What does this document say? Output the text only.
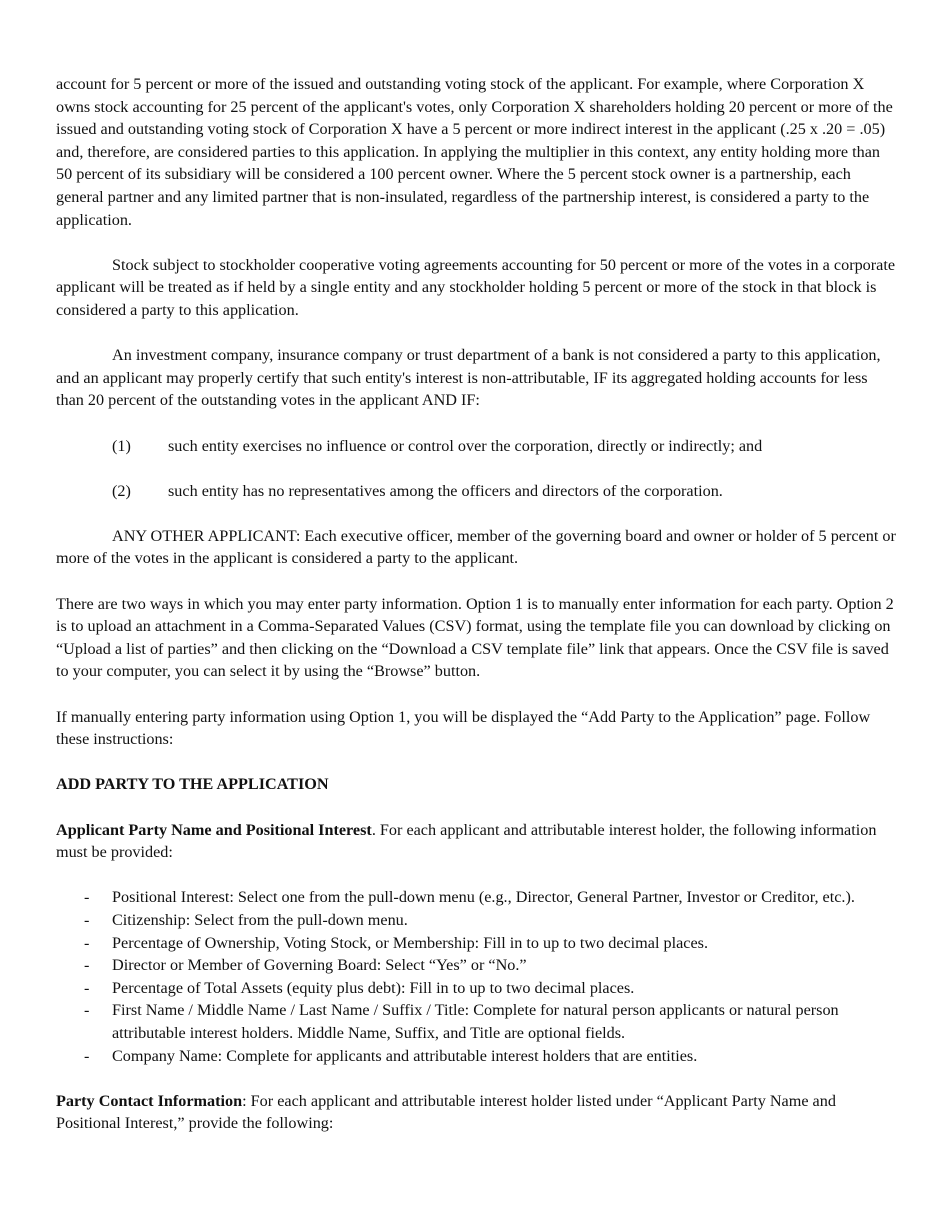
account for 5 percent or more of the issued and outstanding voting stock of the applicant. For example, where Corporation X owns stock accounting for 25 percent of the applicant's votes, only Corporation X shareholders holding 20 percent or more of the issued and outstanding voting stock of Corporation X have a 5 percent or more indirect interest in the applicant (.25 x .20 = .05) and, therefore, are considered parties to this application. In applying the multiplier in this context, any entity holding more than 50 percent of its subsidiary will be considered a 100 percent owner. Where the 5 percent stock owner is a partnership, each general partner and any limited partner that is non-insulated, regardless of the partnership interest, is considered a party to the application.

Stock subject to stockholder cooperative voting agreements accounting for 50 percent or more of the votes in a corporate applicant will be treated as if held by a single entity and any stockholder holding 5 percent or more of the stock in that block is considered a party to this application.

An investment company, insurance company or trust department of a bank is not considered a party to this application, and an applicant may properly certify that such entity's interest is non-attributable, IF its aggregated holding accounts for less than 20 percent of the outstanding votes in the applicant AND IF:

(1)	such entity exercises no influence or control over the corporation, directly or indirectly; and
(2)	such entity has no representatives among the officers and directors of the corporation.

ANY OTHER APPLICANT: Each executive officer, member of the governing board and owner or holder of 5 percent or more of the votes in the applicant is considered a party to the applicant.

There are two ways in which you may enter party information. Option 1 is to manually enter information for each party. Option 2 is to upload an attachment in a Comma-Separated Values (CSV) format, using the template file you can download by clicking on “Upload a list of parties” and then clicking on the “Download a CSV template file” link that appears. Once the CSV file is saved to your computer, you can select it by using the “Browse” button.

If manually entering party information using Option 1, you will be displayed the “Add Party to the Application” page. Follow these instructions:

ADD PARTY TO THE APPLICATION

Applicant Party Name and Positional Interest. For each applicant and attributable interest holder, the following information must be provided:

-	Positional Interest: Select one from the pull-down menu (e.g., Director, General Partner, Investor or Creditor, etc.).
-	Citizenship: Select from the pull-down menu.
-	Percentage of Ownership, Voting Stock, or Membership: Fill in to up to two decimal places.
-	Director or Member of Governing Board: Select “Yes” or “No.”
-	Percentage of Total Assets (equity plus debt): Fill in to up to two decimal places.
-	First Name / Middle Name / Last Name / Suffix / Title: Complete for natural person applicants or natural person attributable interest holders. Middle Name, Suffix, and Title are optional fields.
-	Company Name: Complete for applicants and attributable interest holders that are entities.

Party Contact Information: For each applicant and attributable interest holder listed under “Applicant Party Name and Positional Interest,” provide the following:
